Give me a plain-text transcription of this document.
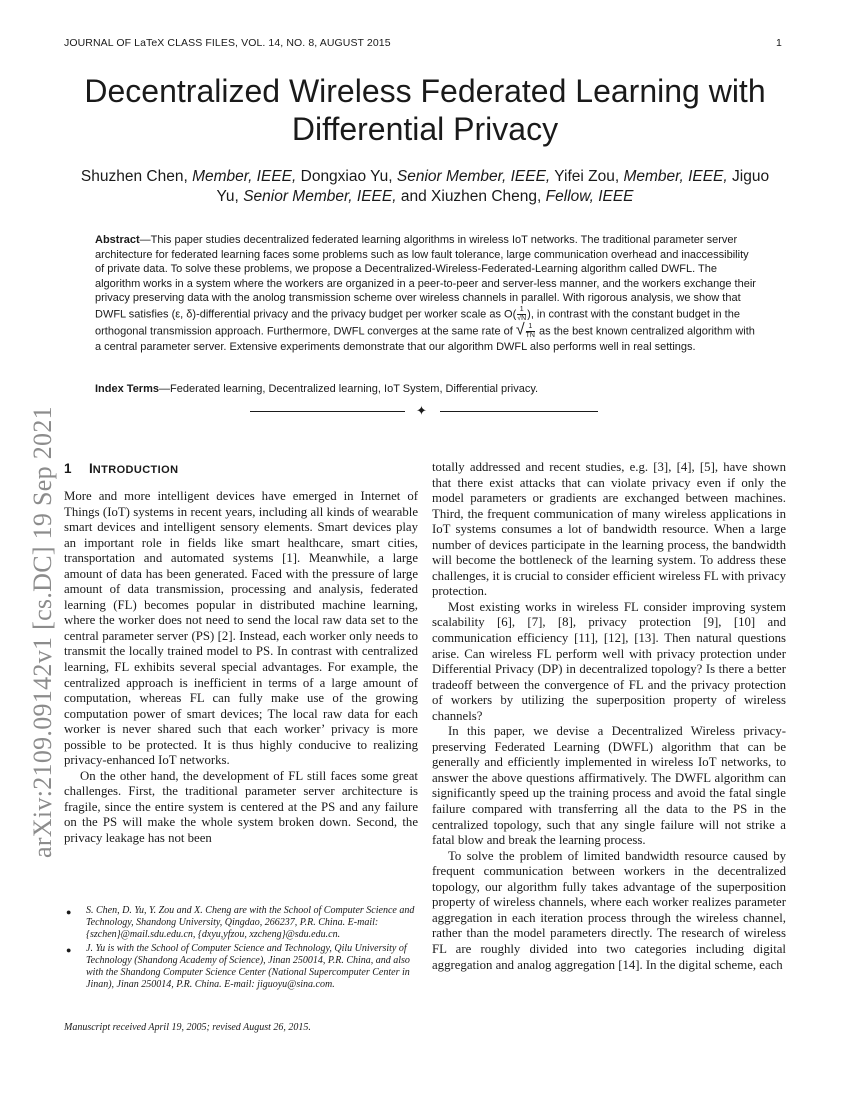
JOURNAL OF LaTeX CLASS FILES, VOL. 14, NO. 8, AUGUST 2015	1
Decentralized Wireless Federated Learning with Differential Privacy
Shuzhen Chen, Member, IEEE, Dongxiao Yu, Senior Member, IEEE, Yifei Zou, Member, IEEE, Jiguo Yu, Senior Member, IEEE, and Xiuzhen Cheng, Fellow, IEEE

Abstract—This paper studies decentralized federated learning algorithms in wireless IoT networks. The traditional parameter server architecture for federated learning faces some problems such as low fault tolerance, large communication overhead and inaccessibility of private data. To solve these problems, we propose a Decentralized-Wireless-Federated-Learning algorithm called DWFL. The algorithm works in a system where the workers are organized in a peer-to-peer and server-less manner, and the workers exchange their privacy preserving data with the anolog transmission scheme over wireless channels in parallel. With rigorous analysis, we show that DWFL satisfies (ε, δ)-differential privacy and the privacy budget per worker scale as $O( \frac{1}{√N}$ ), in contrast with the constant budget in the orthogonal transmission approach. Furthermore, DWFL converges at the same rate of √ $\frac{1}{TN}$ as the best known centralized algorithm with a central parameter server. Extensive experiments demonstrate that our algorithm DWFL also performs well in real settings.

Index Terms—Federated learning, Decentralized learning, IoT System, Differential privacy.
✦
arXiv:2109.09142v1 [cs.DC] 19 Sep 2021 1 INTRODUCTION

More and more intelligent devices have emerged in Internet of Things (IoT) systems in recent years, including all kinds of wearable smart devices and intelligent sensory elements. Smart devices play an important role in fields like smart healthcare, smart cities, transportation and automated systems [1]. Meanwhile, a large amount of data has been generated. Faced with the pressure of large amount of data transmission, processing and analysis, federated learning (FL) becomes popular in distributed machine learning, where the worker does not need to send the local raw data set to the central parameter server (PS) [2]. Instead, each worker only needs to transmit the locally trained model to PS. In contrast with centralized learning, FL exhibits several special advantages. For example, the centralized approach is inefficient in terms of a large amount of computation, whereas FL can fully make use of the growing computation power of smart devices; The local raw data for each worker is never shared such that each worker’ privacy is more possible to be protected. It is thus highly conducive to realizing privacy-enhanced IoT networks.

On the other hand, the development of FL still faces some great challenges. First, the traditional parameter server architecture is fragile, since the entire system is centered at the PS and any failure on the PS will make the whole system broken down. Second, the privacy leakage has not been

totally addressed and recent studies, e.g. [3], [4], [5], have shown that there exist attacks that can violate privacy even if only the model parameters or gradients are exchanged between machines. Third, the frequent communication of many wireless applications in IoT systems consumes a lot of bandwidth resource. When a large number of devices participate in the learning process, the bandwidth will become the bottleneck of the learning system. To address these challenges, it is crucial to consider efficient wireless FL with privacy protection.

Most existing works in wireless FL consider improving system scalability [6], [7], [8], privacy protection [9], [10] and communication efficiency [11], [12], [13]. Then natural questions arise. Can wireless FL perform well with privacy protection under Differential Privacy (DP) in decentralized topology? Is there a better tradeoff between the convergence of FL and the privacy protection of workers by utilizing the superposition property of wireless channels?

In this paper, we devise a Decentralized Wireless privacy-preserving Federated Learning (DWFL) algorithm that can be generally and efficiently implemented in wireless IoT networks, to answer the above questions affirmatively. The DWFL algorithm can significantly speed up the training process and avoid the fatal single failure compared with transferring all the data to the PS in the centralized topology, such that any single failure will not strike a fatal blow and break the learning process.

To solve the problem of limited bandwidth resource caused by frequent communication between workers in the decentralized topology, our algorithm fully takes advantage of the superposition property of wireless channels, where each worker realizes parameter aggregation in each iteration process through the wireless channel, rather than the model parameters directly. The research of wireless FL are roughly divided into two categories including digital aggregation and analog aggregation [14]. In the digital scheme, each

● S. Chen, D. Yu, Y. Zou and X. Cheng are with the School of Computer Science and Technology, Shandong University, Qingdao, 266237, P.R. China. E-mail: {szchen}@mail.sdu.edu.cn, {dxyu,yfzou, xzcheng}@sdu.edu.cn.
● J. Yu is with the School of Computer Science and Technology, Qilu University of Technology (Shandong Academy of Science), Jinan 250014, P.R. China, and also with the Shandong Computer Science Center (National Supercomputer Center in Jinan), Jinan 250014, P.R. China. E-mail: jiguoyu@sina.com.
Manuscript received April 19, 2005; revised August 26, 2015.
